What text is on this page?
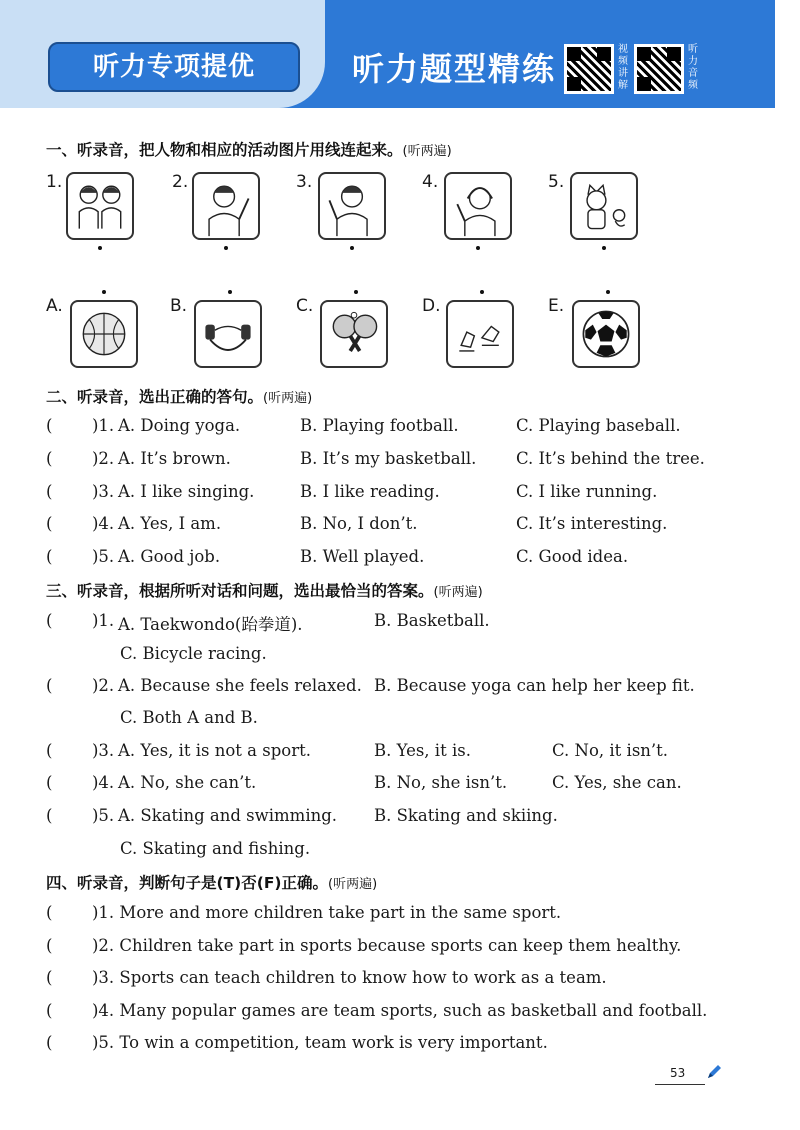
听力专项提优	听力题型精练
视频讲解
听力音频
一、听录音，把人物和相应的活动图片用线连起来。(听两遍)
1.	2.	3.	4.	5.
A.	B.	C.	D.	E.
二、听录音，选出正确的答句。(听两遍)
( )1. A. Doing yoga.	B. Playing football.	C. Playing baseball.
( )2. A. It’s brown.	B. It’s my basketball. C. It’s behind the tree.
( )3. A. I like singing.	B. I like reading.	C. I like running.
( )4. A. Yes, I am.	B. No, I don’t.	C. It’s interesting.
( )5. A. Good job.	B. Well played.	C. Good idea.
三、听录音，根据所听对话和问题，选出最恰当的答案。(听两遍)
( )1. A. Taekwondo(跆拳道).	B. Basketball.
C. Bicycle racing.
( )2. A. Because she feels relaxed. B. Because yoga can help her keep fit.
C. Both A and B.
( )3. A. Yes, it is not a sport.	B. Yes, it is.	C. No, it isn’t.
( )4. A. No, she can’t.	B. No, she isn’t.	C. Yes, she can.
( )5. A. Skating and swimming. B. Skating and skiing.
C. Skating and fishing.
四、听录音，判断句子是(T)否(F)正确。(听两遍)
( )1. More and more children take part in the same sport.
( )2. Children take part in sports because sports can keep them healthy.
( )3. Sports can teach children to know how to work as a team.
( )4. Many popular games are team sports, such as basketball and football.
( )5. To win a competition, team work is very important.
53
